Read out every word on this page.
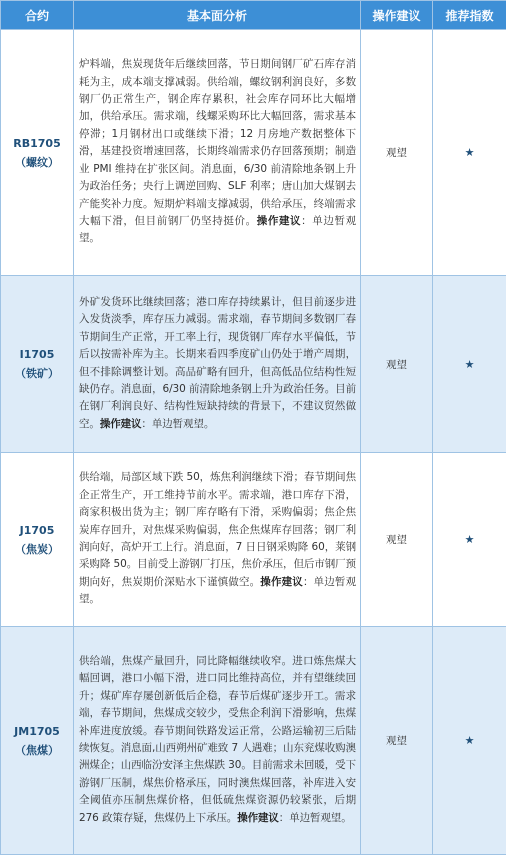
合约	基本面分析	操作建议	推荐指数

RB1705
（螺纹）	炉料端，焦炭现货年后继续回落，节日期间钢厂矿石库存消耗为主，成本端支撑减弱。供给端，螺纹钢利润良好，多数钢厂仍正常生产，钢企库存累积，社会库存同环比大幅增加，供给承压。需求端，线螺采购环比大幅回落，需求基本停滞；1月钢材出口或继续下滑；12 月房地产数据整体下滑，基建投资增速回落，长期终端需求仍存回落预期；制造业 PMI 维持在扩张区间。消息面，6/30 前清除地条钢上升为政治任务；央行上调逆回购、SLF 利率；唐山加大煤钢去产能奖补力度。短期炉料端支撑减弱，供给承压，终端需求大幅下滑，但目前钢厂仍坚持挺价。操作建议：单边暂观望。	观望	★

I1705
（铁矿）	外矿发货环比继续回落；港口库存持续累计，但目前逐步进入发货淡季，库存压力减弱。需求端，春节期间多数钢厂春节期间生产正常，开工率上行，现货钢厂库存水平偏低，节后以按需补库为主。长期来看四季度矿山仍处于增产周期，但不排除调整计划。高品矿略有回升，但高低品位结构性短缺仍存。消息面，6/30 前清除地条钢上升为政治任务。目前在钢厂利润良好、结构性短缺持续的背景下，不建议贸然做空。操作建议：单边暂观望。	观望	★

J1705
（焦炭）	供给端，局部区域下跌 50，炼焦利润继续下滑；春节期间焦企正常生产，开工维持节前水平。需求端，港口库存下滑，商家积极出货为主；钢厂库存略有下滑，采购偏弱；焦企焦炭库存回升，对焦煤采购偏弱，焦企焦煤库存回落；钢厂利润向好，高炉开工上行。消息面，7 日日钢采购降 60，莱钢采购降 50。目前受上游钢厂打压，焦价承压，但后市钢厂预期向好，焦炭期价深贴水下谨慎做空。操作建议：单边暂观望。	观望	★

JM1705
（焦煤）	供给端，焦煤产量回升，同比降幅继续收窄。进口炼焦煤大幅回调，港口小幅下滑，进口同比维持高位，并有望继续回升；煤矿库存屡创新低后企稳，春节后煤矿逐步开工。需求端，春节期间，焦煤成交较少，受焦企利润下滑影响，焦煤补库进度放缓。春节期间铁路发运正常，公路运输初三后陆续恢复。消息面,山西朔州矿难致 7 人遇难；山东兖煤收购澳洲煤企；山西临汾安泽主焦煤跌 30。目前需求未回暖，受下游钢厂压制，煤焦价格承压，同时澳焦煤回落，补库进入安全阈值亦压制焦煤价格，但低硫焦煤资源仍较紧张，后期 276 政策存疑，焦煤仍上下承压。操作建议：单边暂观望。	观望	★
